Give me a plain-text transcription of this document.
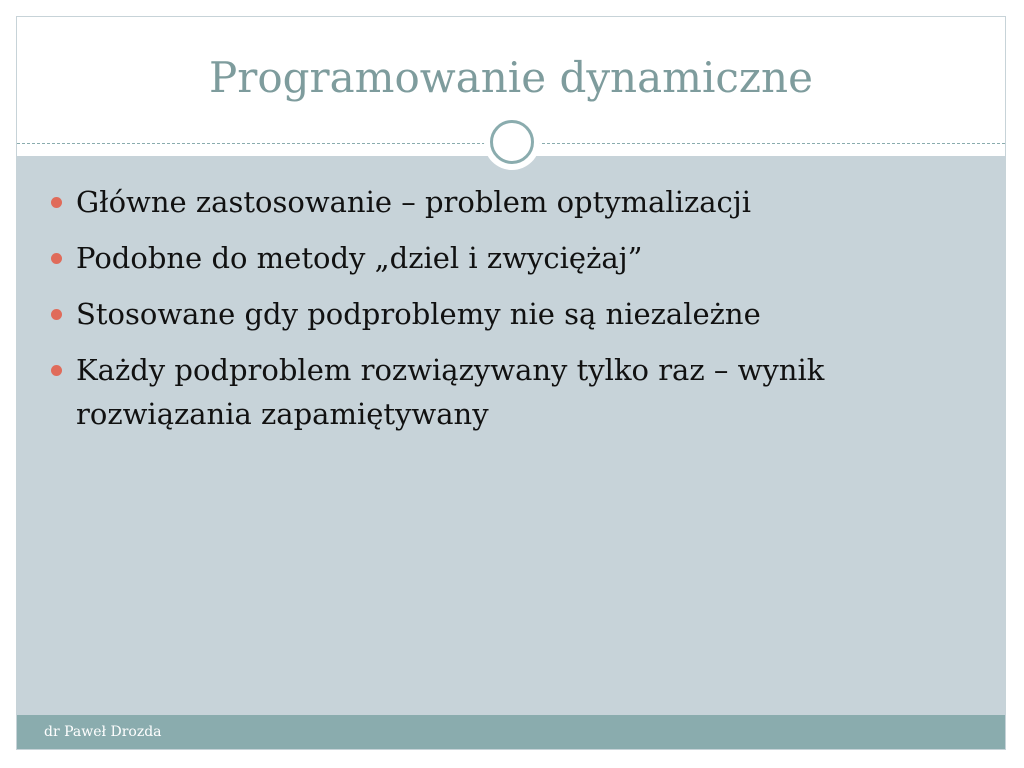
Programowanie dynamiczne
Główne zastosowanie – problem optymalizacji
Podobne do metody „dziel i zwyciężaj”
Stosowane gdy podproblemy nie są niezależne
Każdy podproblem rozwiązywany tylko raz – wynik rozwiązania zapamiętywany
dr Paweł Drozda
